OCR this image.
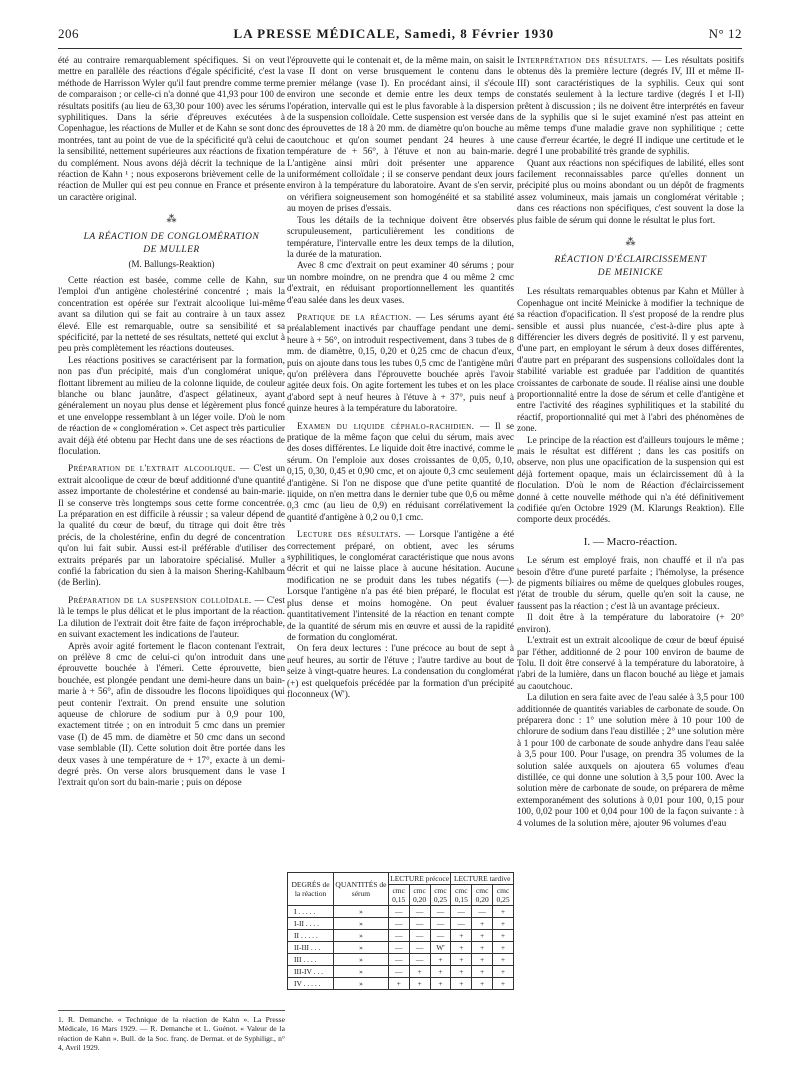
206	LA PRESSE MÉDICALE, Samedi, 8 Février 1930	N° 12

été au contraire remarquablement spécifiques. Si on veut mettre en parallèle des réactions d'égale spécificité, c'est la méthode de Harrisson Wyler qu'il faut prendre comme terme de comparaison ; or celle-ci n'a donné que 41,93 pour 100 de résultats positifs (au lieu de 63,30 pour 100) avec les sérums syphilitiques. Dans la série d'épreuves exécutées à Copenhague, les réactions de Muller et de Kahn se sont donc montrées, tant au point de vue de la spécificité qu'à celui de la sensibilité, nettement supérieures aux réactions de fixation du complément. Nous avons déjà décrit la technique de la réaction de Kahn ¹ ; nous exposerons brièvement celle de la réaction de Muller qui est peu connue en France et présente un caractère original.

⁂
LA RÉACTION DE CONGLOMÉRATION
DE MULLER
(M. Ballungs-Reaktion)

Cette réaction est basée, comme celle de Kahn, sur l'emploi d'un antigène cholestériné concentré ; mais la concentration est opérée sur l'extrait alcoolique lui-même avant sa dilution qui se fait au contraire à un taux assez élevé. Elle est remarquable, outre sa sensibilité et sa spécificité, par la netteté de ses résultats, netteté qui exclut à peu près complètement les réactions douteuses.

Les réactions positives se caractérisent par la formation, non pas d'un précipité, mais d'un conglomérat unique, flottant librement au milieu de la colonne liquide, de couleur blanche ou blanc jaunâtre, d'aspect gélatineux, ayant généralement un noyau plus dense et légèrement plus foncé et une enveloppe ressemblant à un léger voile. D'où le nom de réaction de « conglomération ». Cet aspect très particulier avait déjà été obtenu par Hecht dans une de ses réactions de floculation.

Préparation de l'extrait alcoolique. — C'est un extrait alcoolique de cœur de bœuf additionné d'une quantité assez importante de cholestérine et condensé au bain-marie. Il se conserve très longtemps sous cette forme concentrée. La préparation en est difficile à réussir ; sa valeur dépend de la qualité du cœur de bœuf, du titrage qui doit être très précis, de la cholestérine, enfin du degré de concentration qu'on lui fait subir. Aussi est-il préférable d'utiliser des extraits préparés par un laboratoire spécialisé. Muller a confié la fabrication du sien à la maison Shering-Kahlbaum (de Berlin).

Préparation de la suspension colloïdale. — C'est là le temps le plus délicat et le plus important de la réaction. La dilution de l'extrait doit être faite de façon irréprochable, en suivant exactement les indications de l'auteur.

Après avoir agité fortement le flacon contenant l'extrait, on prélève 8 cmc de celui-ci qu'on introduit dans une éprouvette bouchée à l'émeri. Cette éprouvette, bien bouchée, est plongée pendant une demi-heure dans un bain-marie à + 56°, afin de dissoudre les flocons lipoïdiques qui peut contenir l'extrait. On prend ensuite une solution aqueuse de chlorure de sodium pur à 0,9 pour 100, exactement titrée ; on en introduit 5 cmc dans un premier vase (I) de 45 mm. de diamètre et 50 cmc dans un second vase semblable (II). Cette solution doit être portée dans les deux vases à une température de + 17°, exacte à un demi-degré près. On verse alors brusquement dans le vase I l'extrait qu'on sort du bain-marie ; puis on dépose

1. R. Demanche. « Technique de la réaction de Kahn ». La Presse Médicale, 16 Mars 1929. — R. Demanche et L. Guénot. « Valeur de la réaction de Kahn ». Bull. de la Soc. franç. de Dermat. et de Syphiligr., n° 4, Avril 1929.

l'éprouvette qui le contenait et, de la même main, on saisit le vase II dont on verse brusquement le contenu dans le premier mélange (vase I). En procédant ainsi, il s'écoule environ une seconde et demie entre les deux temps de l'opération, intervalle qui est le plus favorable à la dispersion de la suspension colloïdale. Cette suspension est versée dans des éprouvettes de 18 à 20 mm. de diamètre qu'on bouche au caoutchouc et qu'on soumet pendant 24 heures à une température de + 56°, à l'étuve et non au bain-marie. L'antigène ainsi mûri doit présenter une apparence uniformément colloïdale ; il se conserve pendant deux jours environ à la température du laboratoire. Avant de s'en servir, on vérifiera soigneusement son homogénéité et sa stabilité au moyen de prises d'essais.

Tous les détails de la technique doivent être observés scrupuleusement, particulièrement les conditions de température, l'intervalle entre les deux temps de la dilution, la durée de la maturation.

Avec 8 cmc d'extrait on peut examiner 40 sérums ; pour un nombre moindre, on ne prendra que 4 ou même 2 cmc d'extrait, en réduisant proportionnellement les quantités d'eau salée dans les deux vases.

Pratique de la réaction. — Les sérums ayant été préalablement inactivés par chauffage pendant une demi-heure à + 56°, on introduit respectivement, dans 3 tubes de 8 mm. de diamètre, 0,15, 0,20 et 0,25 cmc de chacun d'eux, puis on ajoute dans tous les tubes 0,5 cmc de l'antigène mûri qu'on prélèvera dans l'éprouvette bouchée après l'avoir agitée deux fois. On agite fortement les tubes et on les place d'abord sept à neuf heures à l'étuve à + 37°, puis neuf à quinze heures à la température du laboratoire.

Examen du liquide céphalo-rachidien. — Il se pratique de la même façon que celui du sérum, mais avec des doses différentes. Le liquide doit être inactivé, comme le sérum. On l'emploie aux doses croissantes de 0,05, 0,10, 0,15, 0,30, 0,45 et 0,90 cmc, et on ajoute 0,3 cmc seulement d'antigène. Si l'on ne dispose que d'une petite quantité de liquide, on n'en mettra dans le dernier tube que 0,6 ou même 0,3 cmc (au lieu de 0,9) en réduisant corrélativement la quantité d'antigène à 0,2 ou 0,1 cmc.

Lecture des résultats. — Lorsque l'antigène a été correctement préparé, on obtient, avec les sérums syphilitiques, le conglomérat caractéristique que nous avons décrit et qui ne laisse place à aucune hésitation. Aucune modification ne se produit dans les tubes négatifs (—). Lorsque l'antigène n'a pas été bien préparé, le floculat est plus dense et moins homogène. On peut évaluer quantitativement l'intensité de la réaction en tenant compte de la quantité de sérum mis en œuvre et aussi de la rapidité de formation du conglomérat.

On fera deux lectures : l'une précoce au bout de sept à neuf heures, au sortir de l'étuve ; l'autre tardive au bout de seize à vingt-quatre heures. La condensation du conglomérat (+) est quelquefois précédée par la formation d'un précipité floconneux (W').

DEGRÉS de la réaction	QUANTITÉS de sérum	LECTURE précoce			LECTURE tardive		
		cmc 0,15	cmc 0,20	cmc 0,25	cmc 0,15	cmc 0,20	cmc 0,25
I . . . . .	»	—	—	—	—	—	+
I-II . . . .	»	—	—	—	—	+	+
II . . . . .	»	—	—	—	+	+	+
II-III . . .	»	—	—	W'	+	+	+
III . . . .	»	—	—	+	+	+	+
III-IV . . .	»	—	+	+	+	+	+
IV . . . . .	»	+	+	+	+	+	+

Interprétation des résultats. — Les résultats positifs obtenus dès la première lecture (degrés IV, III et même II-III) sont caractéristiques de la syphilis. Ceux qui sont constatés seulement à la lecture tardive (degrés I et I-II) prêtent à discussion ; ils ne doivent être interprétés en faveur de la syphilis que si le sujet examiné n'est pas atteint en même temps d'une maladie grave non syphilitique ; cette cause d'erreur écartée, le degré II indique une certitude et le degré I une probabilité très grande de syphilis.

Quant aux réactions non spécifiques de labilité, elles sont facilement reconnaissables parce qu'elles donnent un précipité plus ou moins abondant ou un dépôt de fragments assez volumineux, mais jamais un conglomérat véritable ; dans ces réactions non spécifiques, c'est souvent la dose la plus faible de sérum qui donne le résultat le plus fort.

⁂
RÉACTION D'ÉCLAIRCISSEMENT
DE MEINICKE

Les résultats remarquables obtenus par Kahn et Müller à Copenhague ont incité Meinicke à modifier la technique de sa réaction d'opacification. Il s'est proposé de la rendre plus sensible et aussi plus nuancée, c'est-à-dire plus apte à différencier les divers degrés de positivité. Il y est parvenu, d'une part, en employant le sérum à deux doses différentes, d'autre part en préparant des suspensions colloïdales dont la stabilité variable est graduée par l'addition de quantités croissantes de carbonate de soude. Il réalise ainsi une double proportionnalité entre la dose de sérum et celle d'antigène et entre l'activité des réagines syphilitiques et la stabilité du réactif, proportionnalité qui met à l'abri des phénomènes de zone.

Le principe de la réaction est d'ailleurs toujours le même ; mais le résultat est différent ; dans les cas positifs on observe, non plus une opacification de la suspension qui est déjà fortement opaque, mais un éclaircissement dû à la floculation. D'où le nom de Réaction d'éclaircissement donné à cette nouvelle méthode qui n'a été définitivement codifiée qu'en Octobre 1929 (M. Klarungs Reaktion). Elle comporte deux procédés.

I. — Macro-réaction.

Le sérum est employé frais, non chauffé et il n'a pas besoin d'être d'une pureté parfaite ; l'hémolyse, la présence de pigments biliaires ou même de quelques globules rouges, l'état de trouble du sérum, quelle qu'en soit la cause, ne faussent pas la réaction ; c'est là un avantage précieux.

Il doit être à la température du laboratoire (+ 20° environ).

L'extrait est un extrait alcoolique de cœur de bœuf épuisé par l'éther, additionné de 2 pour 100 environ de baume de Tolu. Il doit être conservé à la température du laboratoire, à l'abri de la lumière, dans un flacon bouché au liège et jamais au caoutchouc.

La dilution en sera faite avec de l'eau salée à 3,5 pour 100 additionnée de quantités variables de carbonate de soude. On préparera donc : 1° une solution mère à 10 pour 100 de chlorure de sodium dans l'eau distillée ; 2° une solution mère à 1 pour 100 de carbonate de soude anhydre dans l'eau salée à 3,5 pour 100. Pour l'usage, on prendra 35 volumes de la solution salée auxquels on ajoutera 65 volumes d'eau distillée, ce qui donne une solution à 3,5 pour 100. Avec la solution mère de carbonate de soude, on préparera de même extemporanément des solutions à 0,01 pour 100, 0,15 pour 100, 0,02 pour 100 et 0,04 pour 100 de la façon suivante : à 4 volumes de la solution mère, ajouter 96 volumes d'eau
